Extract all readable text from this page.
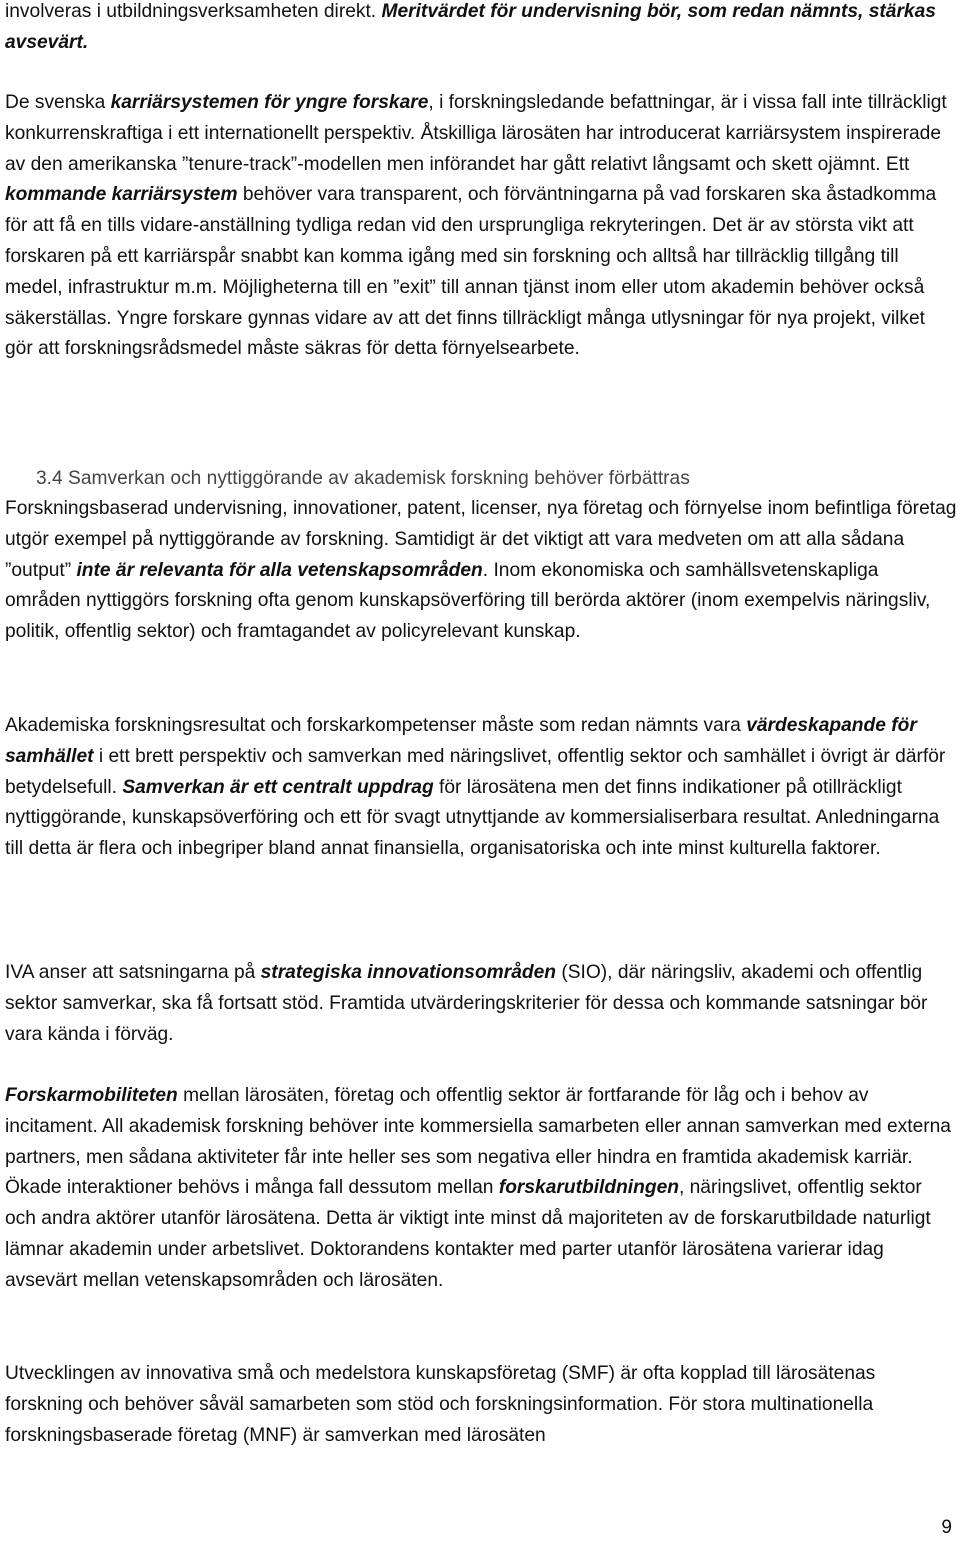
involveras i utbildningsverksamheten direkt. Meritvärdet för undervisning bör, som redan nämnts, stärkas avsevärt.

De svenska karriärsystemen för yngre forskare, i forskningsledande befattningar, är i vissa fall inte tillräckligt konkurrenskraftiga i ett internationellt perspektiv. Åtskilliga lärosäten har introducerat karriärsystem inspirerade av den amerikanska ”tenure-track”-modellen men införandet har gått relativt långsamt och skett ojämnt. Ett kommande karriärsystem behöver vara transparent, och förväntningarna på vad forskaren ska åstadkomma för att få en tills vidare-anställning tydliga redan vid den ursprungliga rekryteringen. Det är av största vikt att forskaren på ett karriärspår snabbt kan komma igång med sin forskning och alltså har tillräcklig tillgång till medel, infrastruktur m.m. Möjligheterna till en ”exit” till annan tjänst inom eller utom akademin behöver också säkerställas. Yngre forskare gynnas vidare av att det finns tillräckligt många utlysningar för nya projekt, vilket gör att forskningsrådsmedel måste säkras för detta förnyelsearbete.

3.4 Samverkan och nyttiggörande av akademisk forskning behöver förbättras

Forskningsbaserad undervisning, innovationer, patent, licenser, nya företag och förnyelse inom befintliga företag utgör exempel på nyttiggörande av forskning. Samtidigt är det viktigt att vara medveten om att alla sådana ”output” inte är relevanta för alla vetenskapsområden. Inom ekonomiska och samhällsvetenskapliga områden nyttiggörs forskning ofta genom kunskapsöverföring till berörda aktörer (inom exempelvis näringsliv, politik, offentlig sektor) och framtagandet av policyrelevant kunskap.

Akademiska forskningsresultat och forskarkompetenser måste som redan nämnts vara värdeskapande för samhället i ett brett perspektiv och samverkan med näringslivet, offentlig sektor och samhället i övrigt är därför betydelsefull. Samverkan är ett centralt uppdrag för lärosätena men det finns indikationer på otillräckligt nyttiggörande, kunskapsöverföring och ett för svagt utnyttjande av kommersialiserbara resultat. Anledningarna till detta är flera och inbegriper bland annat finansiella, organisatoriska och inte minst kulturella faktorer.

IVA anser att satsningarna på strategiska innovationsområden (SIO), där näringsliv, akademi och offentlig sektor samverkar, ska få fortsatt stöd. Framtida utvärderingskriterier för dessa och kommande satsningar bör vara kända i förväg.

Forskarmobiliteten mellan lärosäten, företag och offentlig sektor är fortfarande för låg och i behov av incitament. All akademisk forskning behöver inte kommersiella samarbeten eller annan samverkan med externa partners, men sådana aktiviteter får inte heller ses som negativa eller hindra en framtida akademisk karriär. Ökade interaktioner behövs i många fall dessutom mellan forskarutbildningen, näringslivet, offentlig sektor och andra aktörer utanför lärosätena. Detta är viktigt inte minst då majoriteten av de forskarutbildade naturligt lämnar akademin under arbetslivet. Doktorandens kontakter med parter utanför lärosätena varierar idag avsevärt mellan vetenskapsområden och lärosäten.

Utvecklingen av innovativa små och medelstora kunskapsföretag (SMF) är ofta kopplad till lärosätenas forskning och behöver såväl samarbeten som stöd och forskningsinformation. För stora multinationella forskningsbaserade företag (MNF) är samverkan med lärosäten

9
